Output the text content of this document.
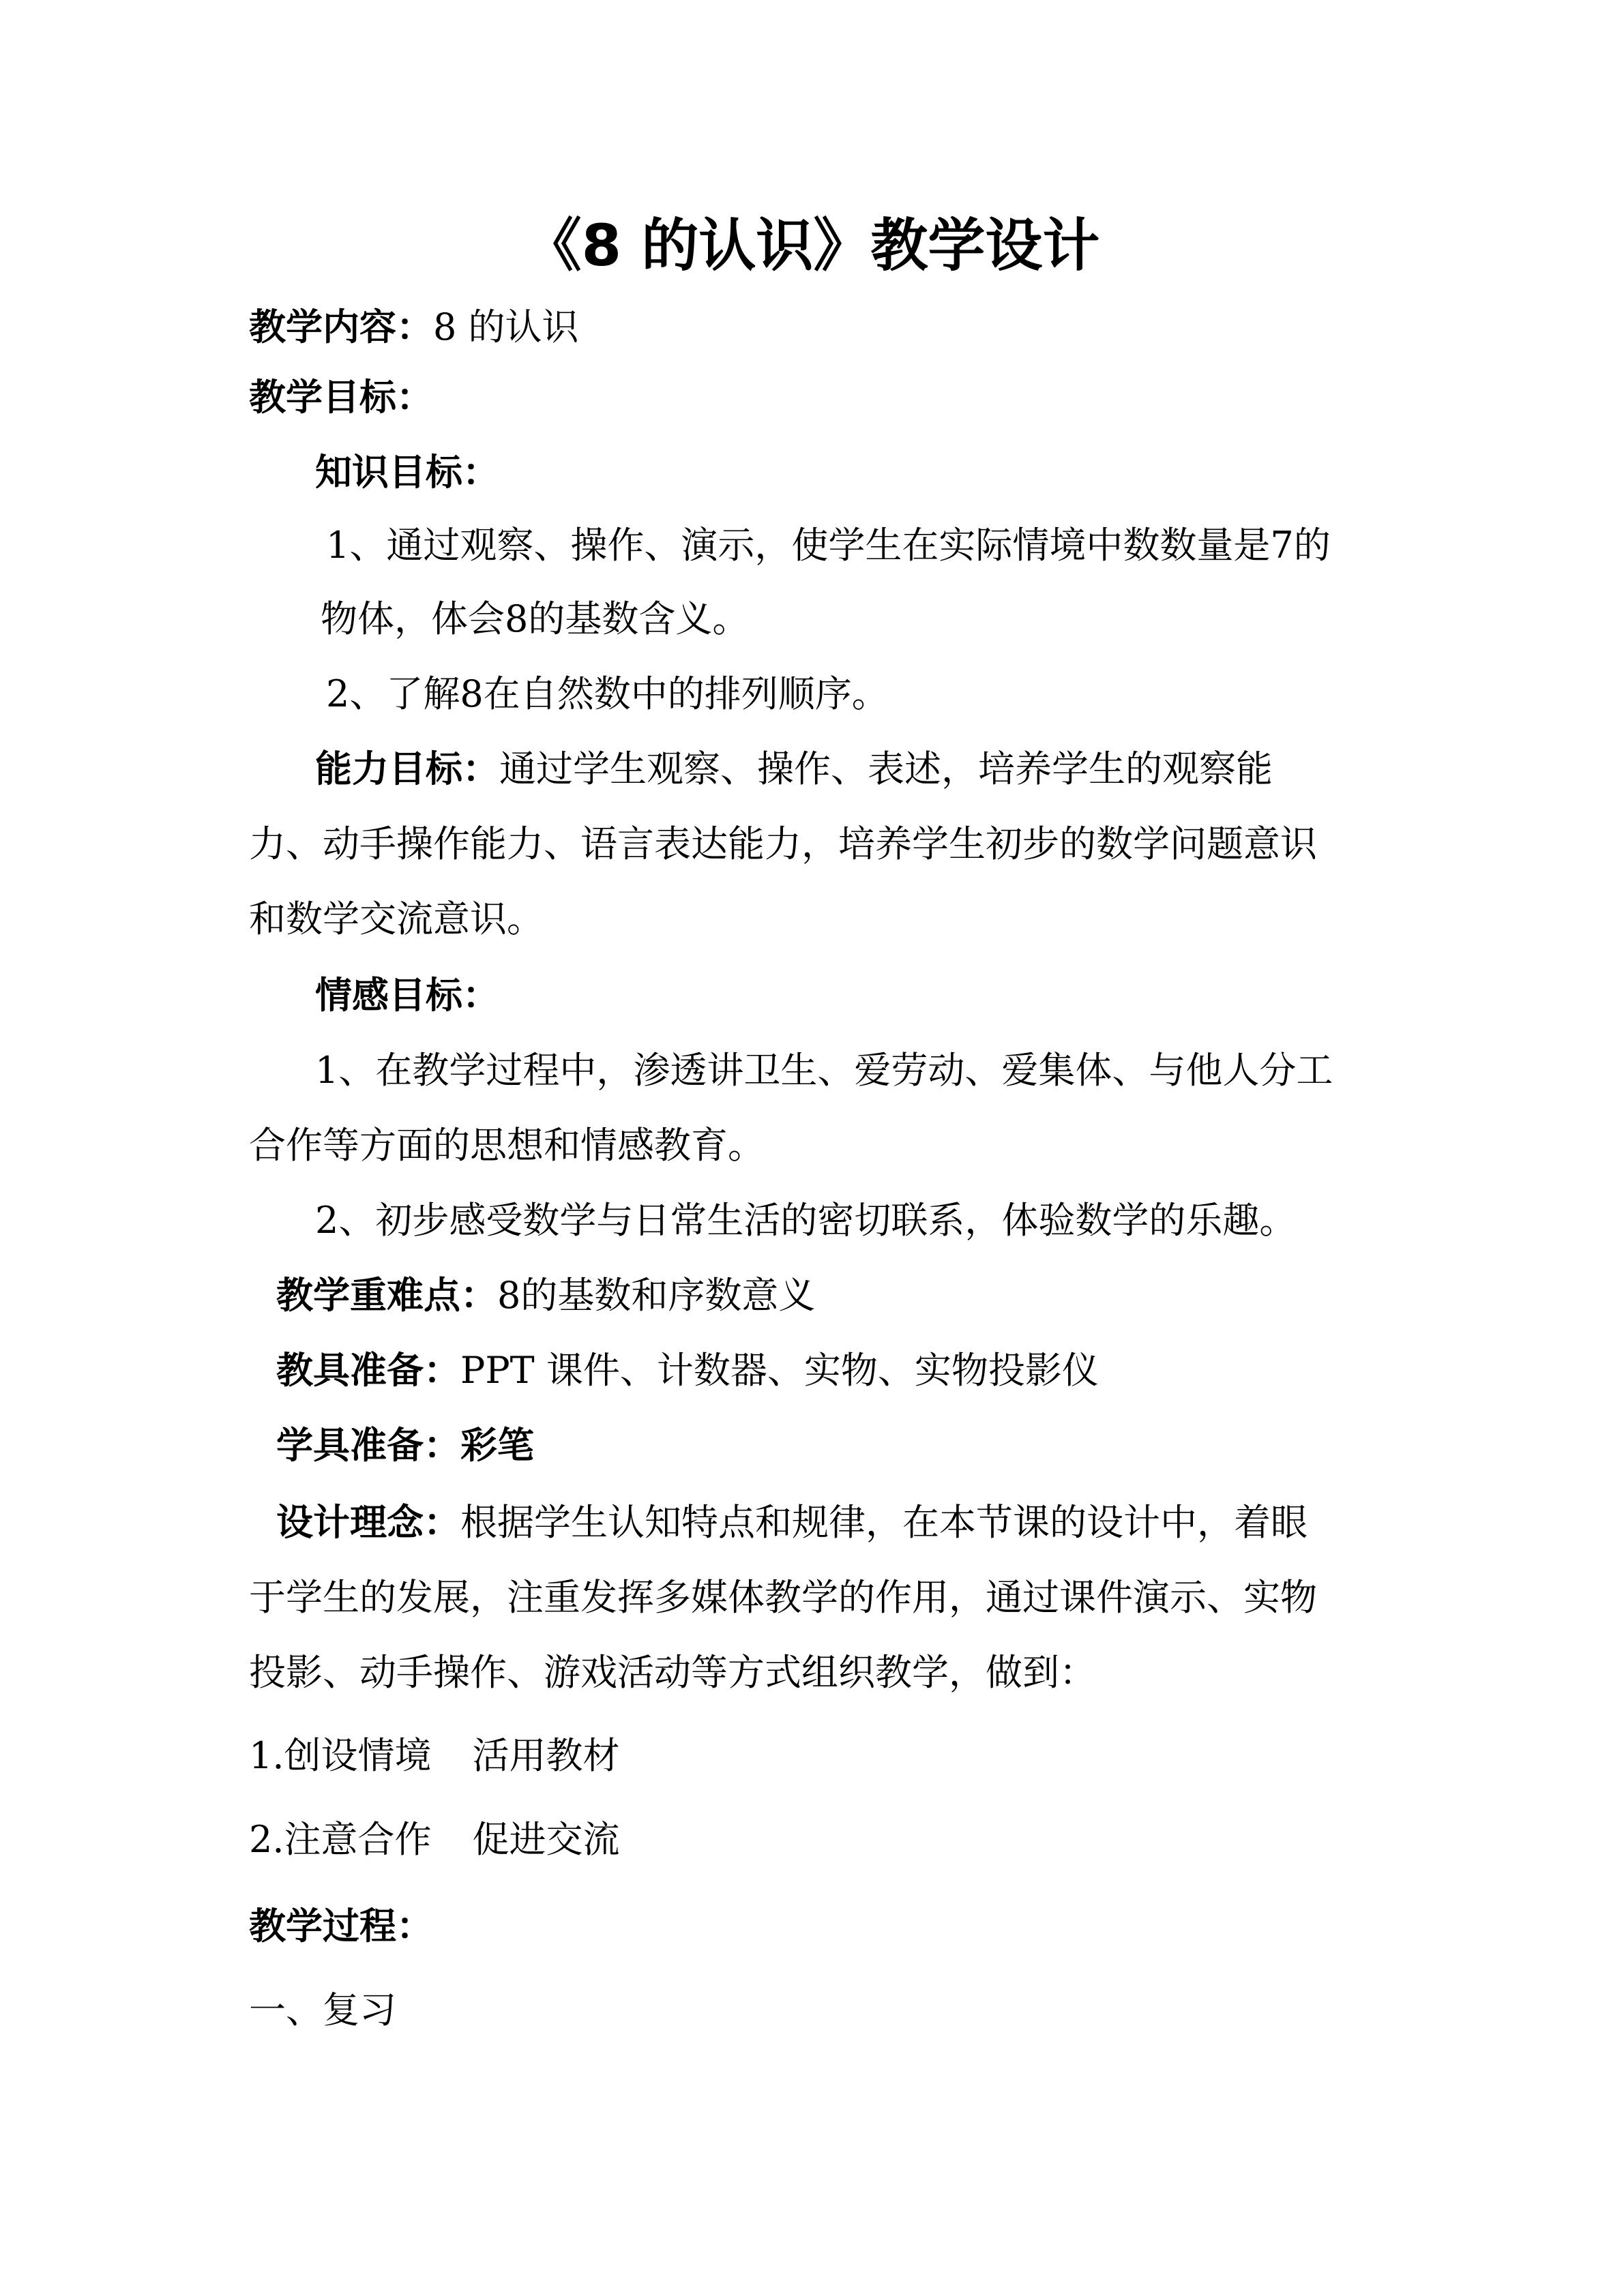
《8 的认识》教学设计
教学内容：8 的认识
教学目标：
知识目标：
1、通过观察、操作、演示，使学生在实际情境中数数量是7的
物体，体会8的基数含义。
2、了解8在自然数中的排列顺序。
能力目标：通过学生观察、操作、表述，培养学生的观察能
力、动手操作能力、语言表达能力，培养学生初步的数学问题意识
和数学交流意识。
情感目标：
1、在教学过程中，渗透讲卫生、爱劳动、爱集体、与他人分工
合作等方面的思想和情感教育。
2、初步感受数学与日常生活的密切联系，体验数学的乐趣。
教学重难点：8的基数和序数意义
教具准备：PPT 课件、计数器、实物、实物投影仪
学具准备：彩笔
设计理念：根据学生认知特点和规律，在本节课的设计中，着眼
于学生的发展，注重发挥多媒体教学的作用，通过课件演示、实物
投影、动手操作、游戏活动等方式组织教学，做到：
1.创设情境 活用教材
2.注意合作 促进交流
教学过程：
一、复习
